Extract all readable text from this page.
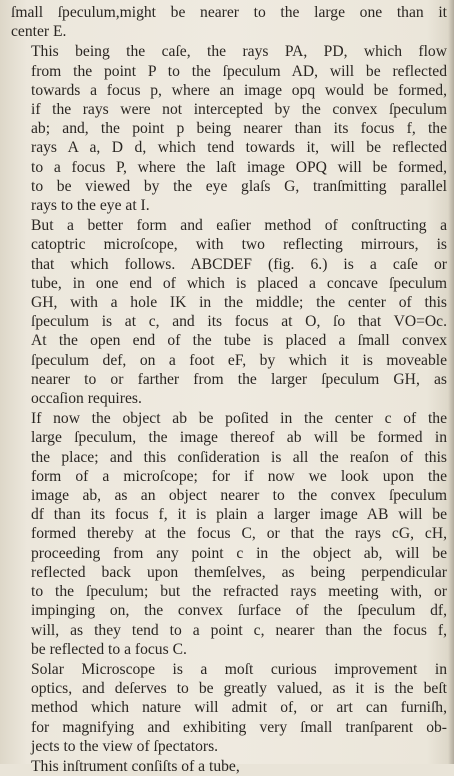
ſmall ſpeculum,might be nearer to the large one than it
center E.
This being the caſe, the rays PA, PD, which flow
from the point P to the ſpeculum AD, will be reflected
towards a focus p, where an image opq would be formed,
if the rays were not intercepted by the convex ſpeculum
ab; and, the point p being nearer than its focus f, the
rays A a, D d, which tend towards it, will be reflected
to a focus P, where the laſt image OPQ will be formed,
to be viewed by the eye glaſs G, tranſmitting parallel
rays to the eye at I.
But a better form and eaſier method of conſtructing a
catoptric microſcope, with two reflecting mirrours, is
that which follows. ABCDEF (fig. 6.) is a caſe or
tube, in one end of which is placed a concave ſpeculum
GH, with a hole IK in the middle; the center of this
ſpeculum is at c, and its focus at O, ſo that VO=Oc.
At the open end of the tube is placed a ſmall convex
ſpeculum def, on a foot eF, by which it is moveable
nearer to or farther from the larger ſpeculum GH, as
occaſion requires.
If now the object ab be poſited in the center c of the
large ſpeculum, the image thereof ab will be formed in
the place; and this conſideration is all the reaſon of this
form of a microſcope; for if now we look upon the
image ab, as an object nearer to the convex ſpeculum
df than its focus f, it is plain a larger image AB will be
formed thereby at the focus C, or that the rays cG, cH,
proceeding from any point c in the object ab, will be
reflected back upon themſelves, as being perpendicular
to the ſpeculum; but the refracted rays meeting with, or
impinging on, the convex ſurface of the ſpeculum df,
will, as they tend to a point c, nearer than the focus f,
be reflected to a focus C.
Solar Microscope is a moſt curious improvement in
optics, and deſerves to be greatly valued, as it is the beſt
method which nature will admit of, or art can furniſh,
for magnifying and exhibiting very ſmall tranſparent ob-
jects to the view of ſpectators.
This inſtrument conſiſts of a tube,
